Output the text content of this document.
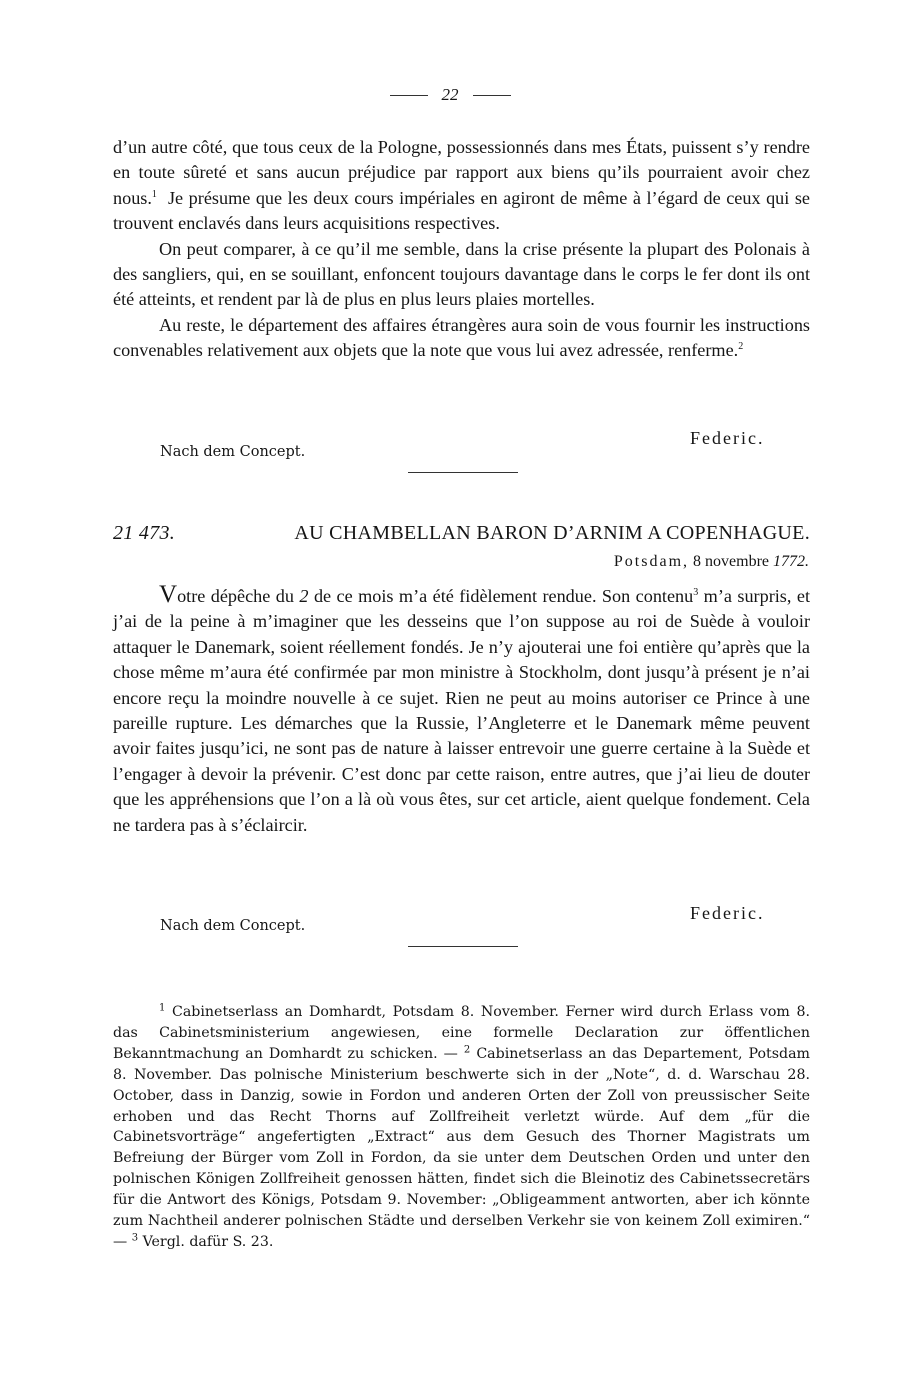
22

d’un autre côté, que tous ceux de la Pologne, possessionnés dans mes États, puissent s’y rendre en toute sûreté et sans aucun préjudice par rapport aux biens qu’ils pourraient avoir chez nous.$^1$ Je présume que les deux cours impériales en agiront de même à l’égard de ceux qui se trouvent enclavés dans leurs acquisitions respectives.

On peut comparer, à ce qu’il me semble, dans la crise présente la plupart des Polonais à des sangliers, qui, en se souillant, enfoncent toujours davantage dans le corps le fer dont ils ont été atteints, et rendent par là de plus en plus leurs plaies mortelles.

Au reste, le département des affaires étrangères aura soin de vous fournir les instructions convenables relativement aux objets que la note que vous lui avez adressée, renferme.$^2$

Federic.
Nach dem Concept.
21 473.	AU CHAMBELLAN BARON D’ARNIM A COPENHAGUE.
Potsdam, 8 novembre 1772.

Votre dépêche du 2 de ce mois m’a été fidèlement rendue. Son contenu$^3$ m’a surpris, et j’ai de la peine à m’imaginer que les desseins que l’on suppose au roi de Suède à vouloir attaquer le Danemark, soient réellement fondés. Je n’y ajouterai une foi entière qu’après que la chose même m’aura été confirmée par mon ministre à Stockholm, dont jusqu’à présent je n’ai encore reçu la moindre nouvelle à ce sujet. Rien ne peut au moins autoriser ce Prince à une pareille rupture. Les démarches que la Russie, l’Angleterre et le Danemark même peuvent avoir faites jusqu’ici, ne sont pas de nature à laisser entrevoir une guerre certaine à la Suède et l’engager à devoir la prévenir. C’est donc par cette raison, entre autres, que j’ai lieu de douter que les appréhensions que l’on a là où vous êtes, sur cet article, aient quelque fondement. Cela ne tardera pas à s’éclaircir.

Federic.
Nach dem Concept.

$^1$ Cabinetserlass an Domhardt, Potsdam 8. November. Ferner wird durch Erlass vom 8. das Cabinetsministerium angewiesen, eine formelle Declaration zur öffentlichen Bekanntmachung an Domhardt zu schicken. — $^2$ Cabinetserlass an das Departement, Potsdam 8. November. Das polnische Ministerium beschwerte sich in der „Note“, d. d. Warschau 28. October, dass in Danzig, sowie in Fordon und anderen Orten der Zoll von preussischer Seite erhoben und das Recht Thorns auf Zollfreiheit verletzt würde. Auf dem „für die Cabinetsvorträge“ angefertigten „Extract“ aus dem Gesuch des Thorner Magistrats um Befreiung der Bürger vom Zoll in Fordon, da sie unter dem Deutschen Orden und unter den polnischen Königen Zollfreiheit genossen hätten, findet sich die Bleinotiz des Cabinetssecretärs für die Antwort des Königs, Potsdam 9. November: „Obligeamment antworten, aber ich könnte zum Nachtheil anderer polnischen Städte und derselben Verkehr sie von keinem Zoll eximiren.“ — $^3$ Vergl. dafür S. 23.
